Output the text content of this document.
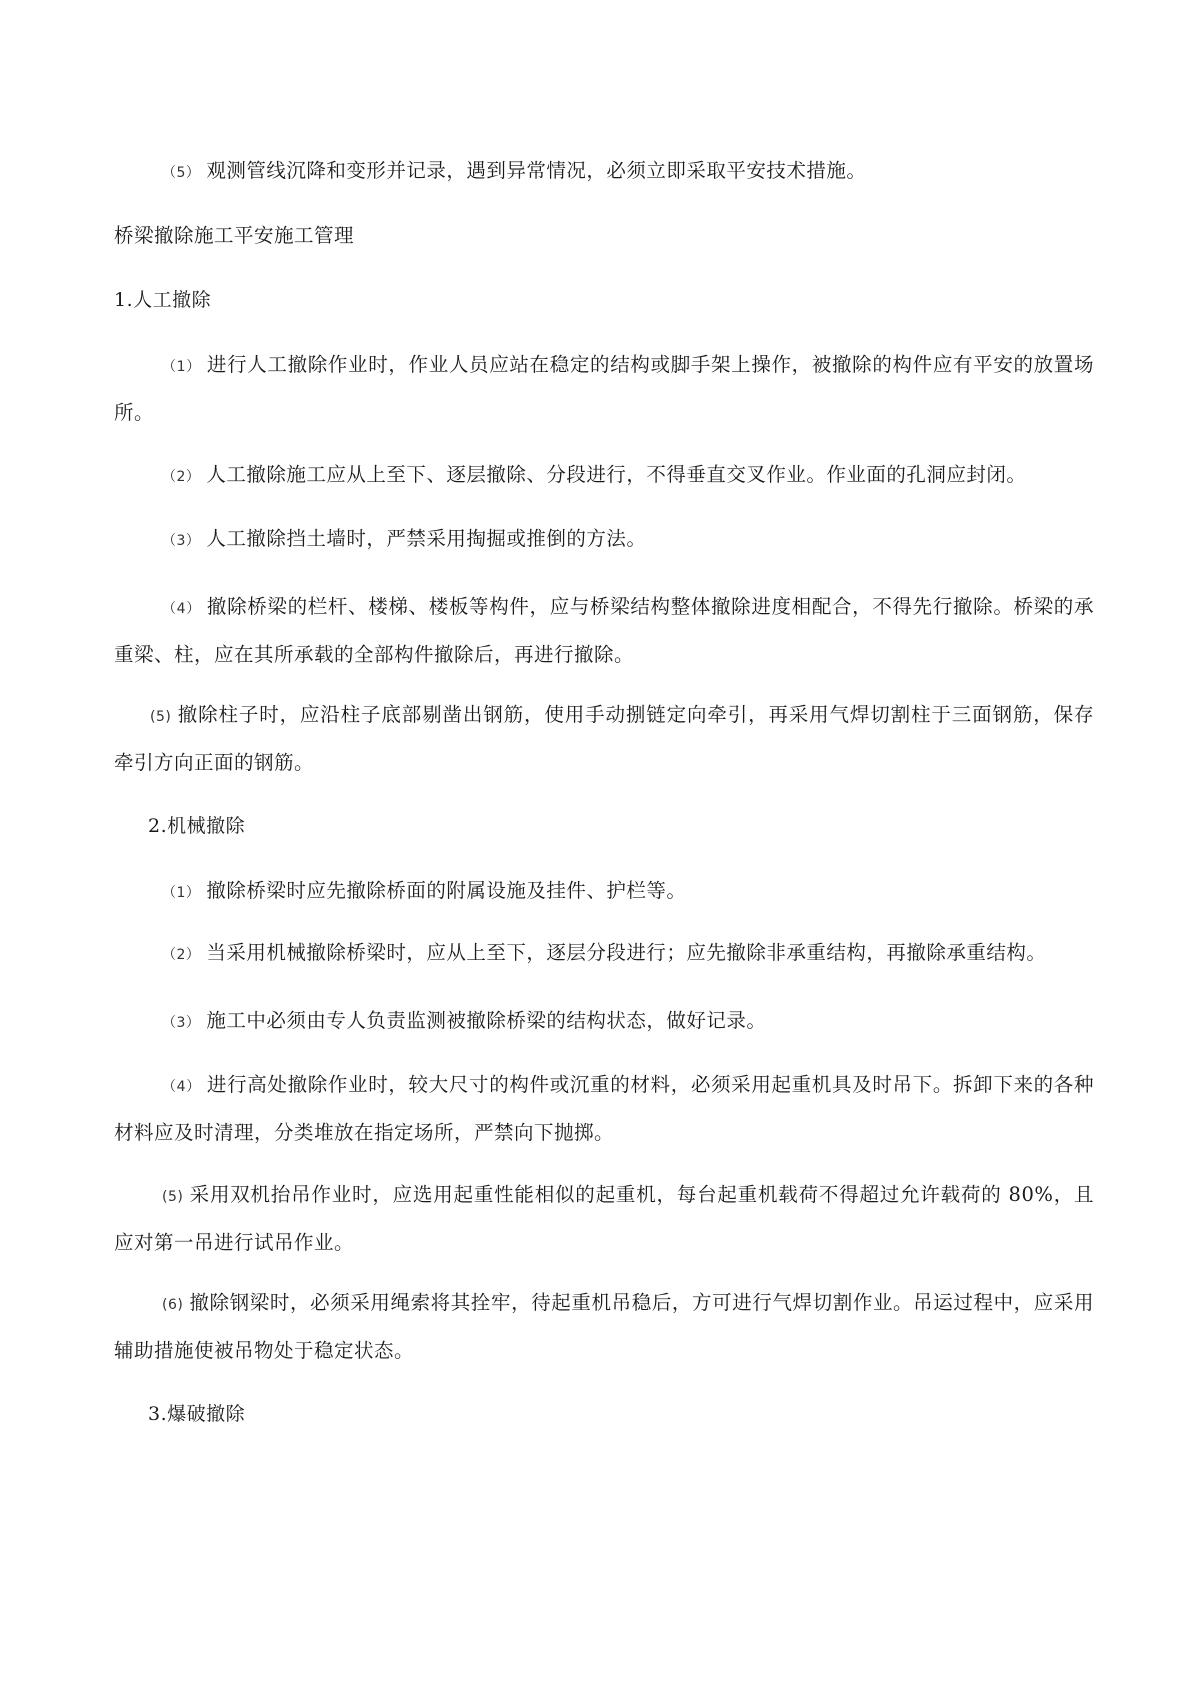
（5） 观测管线沉降和变形并记录，遇到异常情况，必须立即采取平安技术措施。
桥梁撤除施工平安施工管理
1.人工撤除
（1） 进行人工撤除作业时，作业人员应站在稳定的结构或脚手架上操作，被撤除的构件应有平安的放置场所。
（2） 人工撤除施工应从上至下、逐层撤除、分段进行，不得垂直交叉作业。作业面的孔洞应封闭。
（3） 人工撤除挡土墙时，严禁采用掏掘或推倒的方法。
（4） 撤除桥梁的栏杆、楼梯、楼板等构件，应与桥梁结构整体撤除进度相配合，不得先行撤除。桥梁的承重梁、柱，应在其所承载的全部构件撤除后，再进行撤除。
(5) 撤除柱子时，应沿柱子底部剔凿出钢筋，使用手动捌链定向牵引，再采用气焊切割柱于三面钢筋，保存牵引方向正面的钢筋。
2.机械撤除
（1） 撤除桥梁时应先撤除桥面的附属设施及挂件、护栏等。
（2） 当采用机械撤除桥梁时，应从上至下，逐层分段进行；应先撤除非承重结构，再撤除承重结构。
（3） 施工中必须由专人负责监测被撤除桥梁的结构状态，做好记录。
（4） 进行高处撤除作业时，较大尺寸的构件或沉重的材料，必须采用起重机具及时吊下。拆卸下来的各种材料应及时清理，分类堆放在指定场所，严禁向下抛掷。
(5) 采用双机抬吊作业时，应选用起重性能相似的起重机，每台起重机载荷不得超过允许载荷的 80%，且应对第一吊进行试吊作业。
(6) 撤除钢梁时，必须采用绳索将其拴牢，待起重机吊稳后，方可进行气焊切割作业。吊运过程中，应采用辅助措施使被吊物处于稳定状态。
3.爆破撤除
